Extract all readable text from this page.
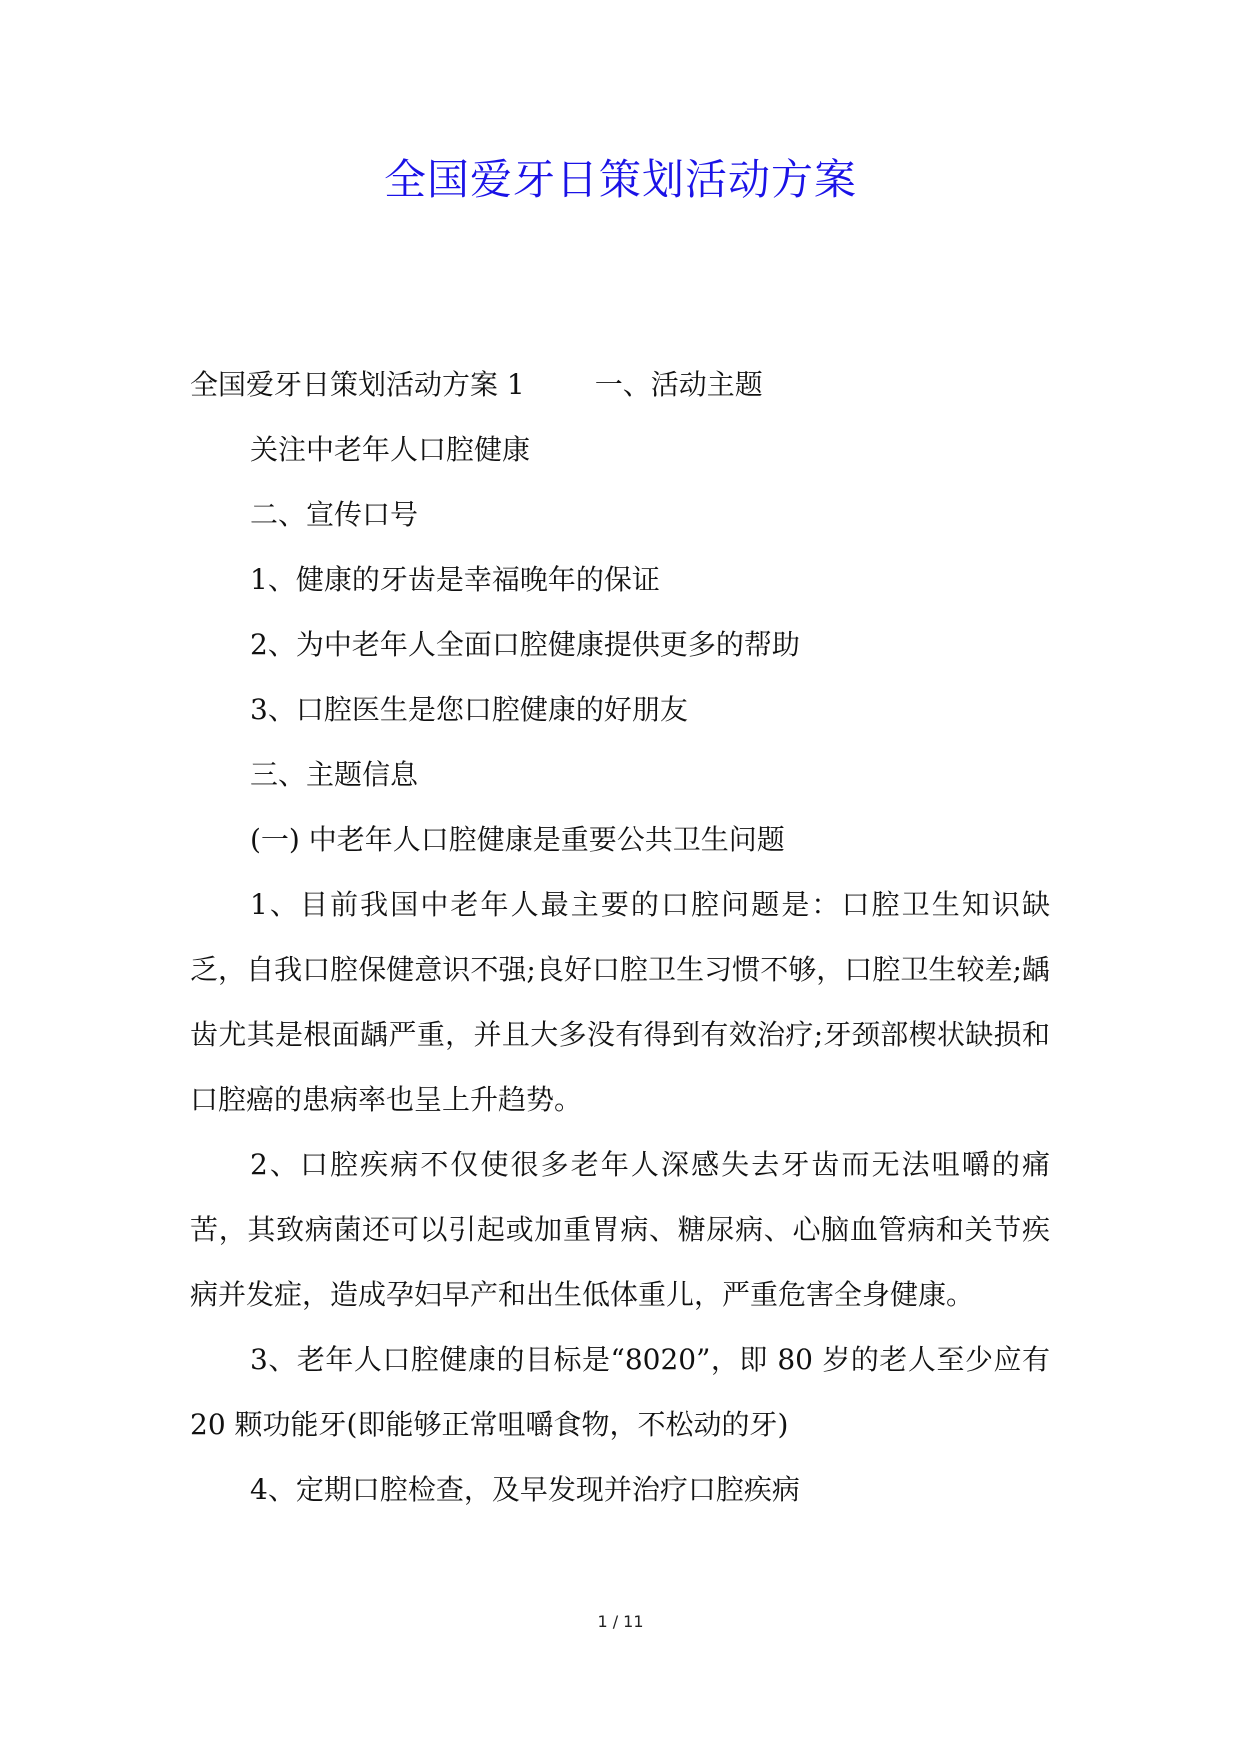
全国爱牙日策划活动方案

全国爱牙日策划活动方案 1	一、活动主题

关注中老年人口腔健康

二、宣传口号

1、健康的牙齿是幸福晚年的保证

2、为中老年人全面口腔健康提供更多的帮助

3、口腔医生是您口腔健康的好朋友

三、主题信息

(一) 中老年人口腔健康是重要公共卫生问题

1、目前我国中老年人最主要的口腔问题是：口腔卫生知识缺乏，自我口腔保健意识不强;良好口腔卫生习惯不够，口腔卫生较差;龋齿尤其是根面龋严重，并且大多没有得到有效治疗;牙颈部楔状缺损和口腔癌的患病率也呈上升趋势。

2、口腔疾病不仅使很多老年人深感失去牙齿而无法咀嚼的痛苦，其致病菌还可以引起或加重胃病、糖尿病、心脑血管病和关节疾病并发症，造成孕妇早产和出生低体重儿，严重危害全身健康。

3、老年人口腔健康的目标是“8020”，即 80 岁的老人至少应有 20 颗功能牙(即能够正常咀嚼食物，不松动的牙)

4、定期口腔检查，及早发现并治疗口腔疾病

1 / 11
